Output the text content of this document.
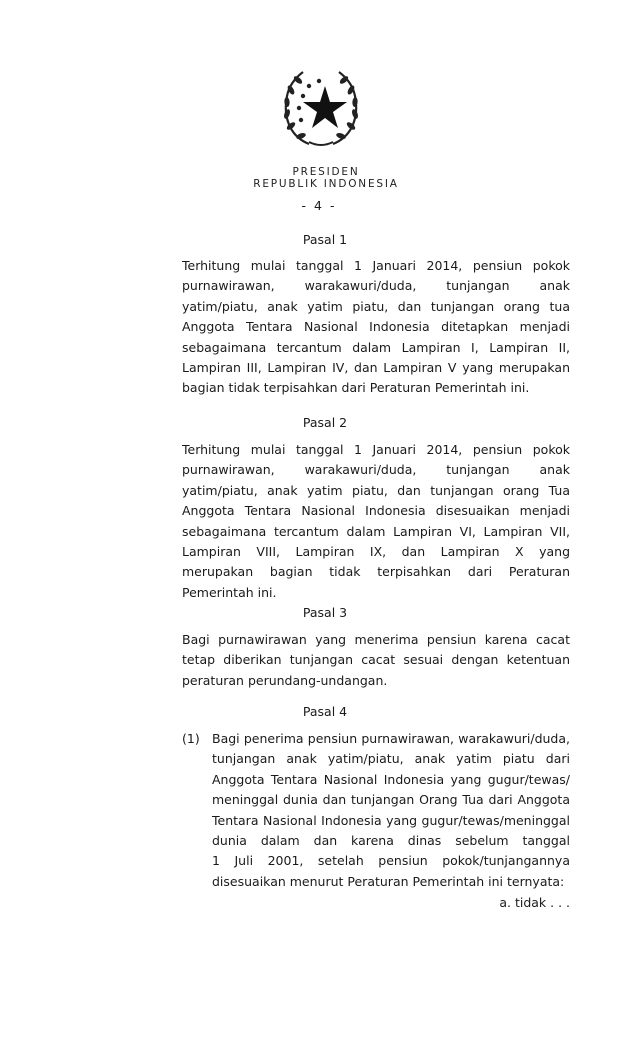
PRESIDEN
REPUBLIK INDONESIA
- 4 -
Pasal 1
Terhitung mulai tanggal 1 Januari 2014, pensiun pokok
purnawirawan, warakawuri/duda, tunjangan anak
yatim/piatu, anak yatim piatu, dan tunjangan orang tua
Anggota Tentara Nasional Indonesia ditetapkan menjadi
sebagaimana tercantum dalam Lampiran I, Lampiran II,
Lampiran III, Lampiran IV, dan Lampiran V yang merupakan
bagian tidak terpisahkan dari Peraturan Pemerintah ini.
Pasal 2
Terhitung mulai tanggal 1 Januari 2014, pensiun pokok
purnawirawan, warakawuri/duda, tunjangan anak
yatim/piatu, anak yatim piatu, dan tunjangan orang Tua
Anggota Tentara Nasional Indonesia disesuaikan menjadi
sebagaimana tercantum dalam Lampiran VI, Lampiran VII,
Lampiran VIII, Lampiran IX, dan Lampiran X yang
merupakan bagian tidak terpisahkan dari Peraturan
Pemerintah ini.
Pasal 3
Bagi purnawirawan yang menerima pensiun karena cacat
tetap diberikan tunjangan cacat sesuai dengan ketentuan
peraturan perundang-undangan.
Pasal 4
(1) Bagi penerima pensiun purnawirawan, warakawuri/duda,
tunjangan anak yatim/piatu, anak yatim piatu dari
Anggota Tentara Nasional Indonesia yang gugur/tewas/
meninggal dunia dan tunjangan Orang Tua dari Anggota
Tentara Nasional Indonesia yang gugur/tewas/meninggal
dunia dalam dan karena dinas sebelum tanggal
1 Juli 2001, setelah pensiun pokok/tunjangannya
disesuaikan menurut Peraturan Pemerintah ini ternyata:
a. tidak . . .
